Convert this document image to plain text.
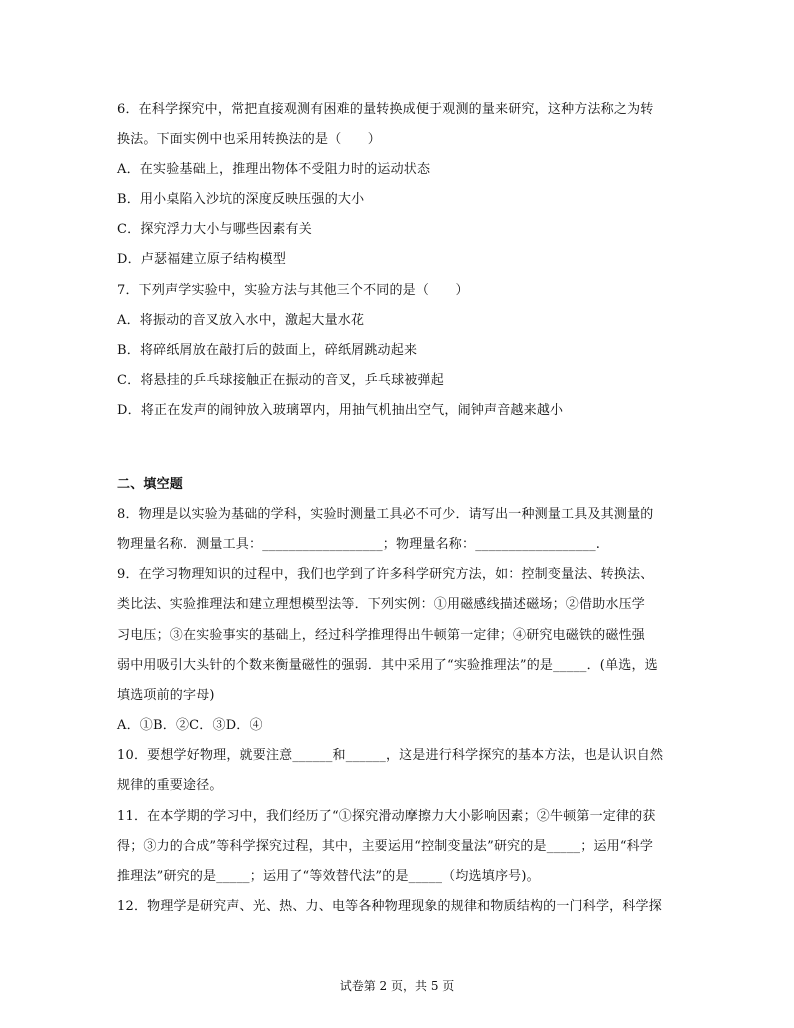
6．在科学探究中，常把直接观测有困难的量转换成便于观测的量来研究，这种方法称之为转
换法。下面实例中也采用转换法的是（　　）
A．在实验基础上，推理出物体不受阻力时的运动状态
B．用小桌陷入沙坑的深度反映压强的大小
C．探究浮力大小与哪些因素有关
D．卢瑟福建立原子结构模型
7．下列声学实验中，实验方法与其他三个不同的是（　　）
A．将振动的音叉放入水中，激起大量水花
B．将碎纸屑放在敲打后的鼓面上，碎纸屑跳动起来
C．将悬挂的乒乓球接触正在振动的音叉，乒乓球被弹起
D．将正在发声的闹钟放入玻璃罩内，用抽气机抽出空气，闹钟声音越来越小
二、填空题
8．物理是以实验为基础的学科，实验时测量工具必不可少．请写出一种测量工具及其测量的
物理量名称．测量工具：__________________；物理量名称：__________________.
9．在学习物理知识的过程中，我们也学到了许多科学研究方法，如：控制变量法、转换法、
类比法、实验推理法和建立理想模型法等．下列实例：①用磁感线描述磁场；②借助水压学
习电压；③在实验事实的基础上，经过科学推理得出牛顿第一定律；④研究电磁铁的磁性强
弱中用吸引大头针的个数来衡量磁性的强弱．其中采用了“实验推理法”的是_____．(单选，选
填选项前的字母)
A．①B．②C．③D．④
10．要想学好物理，就要注意______和______，这是进行科学探究的基本方法，也是认识自然
规律的重要途径。
11．在本学期的学习中，我们经历了“①探究滑动摩擦力大小影响因素；②牛顿第一定律的获
得；③力的合成”等科学探究过程，其中，主要运用“控制变量法”研究的是_____；运用“科学
推理法”研究的是_____；运用了“等效替代法”的是_____（均选填序号)。
12．物理学是研究声、光、热、力、电等各种物理现象的规律和物质结构的一门科学，科学探
试卷第 2 页，共 5 页
